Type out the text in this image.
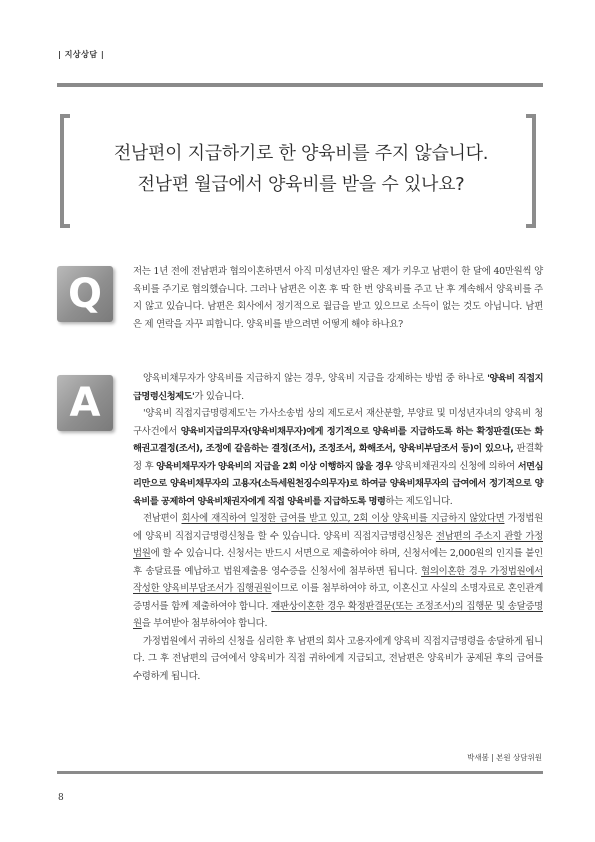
| 지상상담 |
전남편이 지급하기로 한 양육비를 주지 않습니다.
전남편 월급에서 양육비를 받을 수 있나요?
Q	저는 1년 전에 전남편과 협의이혼하면서 아직 미성년자인 딸은 제가 키우고 남편이 한 달에 40만원씩 양육비를 주기로 협의했습니다. 그러나 남편은 이혼 후 딱 한 번 양육비를 주고 난 후 계속해서 양육비를 주지 않고 있습니다. 남편은 회사에서 정기적으로 월급을 받고 있으므로 소득이 없는 것도 아닙니다. 남편은 제 연락을 자꾸 피합니다. 양육비를 받으려면 어떻게 해야 하나요?

A

양육비채무자가 양육비를 지급하지 않는 경우, 양육비 지급을 강제하는 방법 중 하나로 '양육비 직접지급명령신청제도'가 있습니다.

'양육비 직접지급명령제도'는 가사소송법 상의 제도로서 재산분할, 부양료 및 미성년자녀의 양육비 청구사건에서 양육비지급의무자(양육비채무자)에게 정기적으로 양육비를 지급하도록 하는 확정판결(또는 화해권고결정(조서), 조정에 갈음하는 결정(조서), 조정조서, 화해조서, 양육비부담조서 등)이 있으나, 판결확정 후 양육비채무자가 양육비의 지급을 2회 이상 이행하지 않을 경우 양육비채권자의 신청에 의하여 서면심리만으로 양육비채무자의 고용자(소득세원천징수의무자)로 하여금 양육비채무자의 급여에서 정기적으로 양육비를 공제하여 양육비채권자에게 직접 양육비를 지급하도록 명령하는 제도입니다.

전남편이 회사에 재직하여 일정한 급여를 받고 있고, 2회 이상 양육비를 지급하지 않았다면 가정법원에 양육비 직접지급명령신청을 할 수 있습니다. 양육비 직접지급명령신청은 전남편의 주소지 관할 가정법원에 할 수 있습니다. 신청서는 반드시 서면으로 제출하여야 하며, 신청서에는 2,000원의 인지를 붙인 후 송달료를 예납하고 법원제출용 영수증을 신청서에 첨부하면 됩니다. 협의이혼한 경우 가정법원에서 작성한 양육비부담조서가 집행권원이므로 이를 첨부하여야 하고, 이혼신고 사실의 소명자료로 혼인관계증명서를 함께 제출하여야 합니다. 재판상이혼한 경우 확정판결문(또는 조정조서)의 집행문 및 송달증명원을 부여받아 첨부하여야 합니다.

가정법원에서 귀하의 신청을 심리한 후 남편의 회사 고용자에게 양육비 직접지급명령을 송달하게 됩니다. 그 후 전남편의 급여에서 양육비가 직접 귀하에게 지급되고, 전남편은 양육비가 공제된 후의 급여를 수령하게 됩니다.

박새봄 | 본원 상담위원
8
